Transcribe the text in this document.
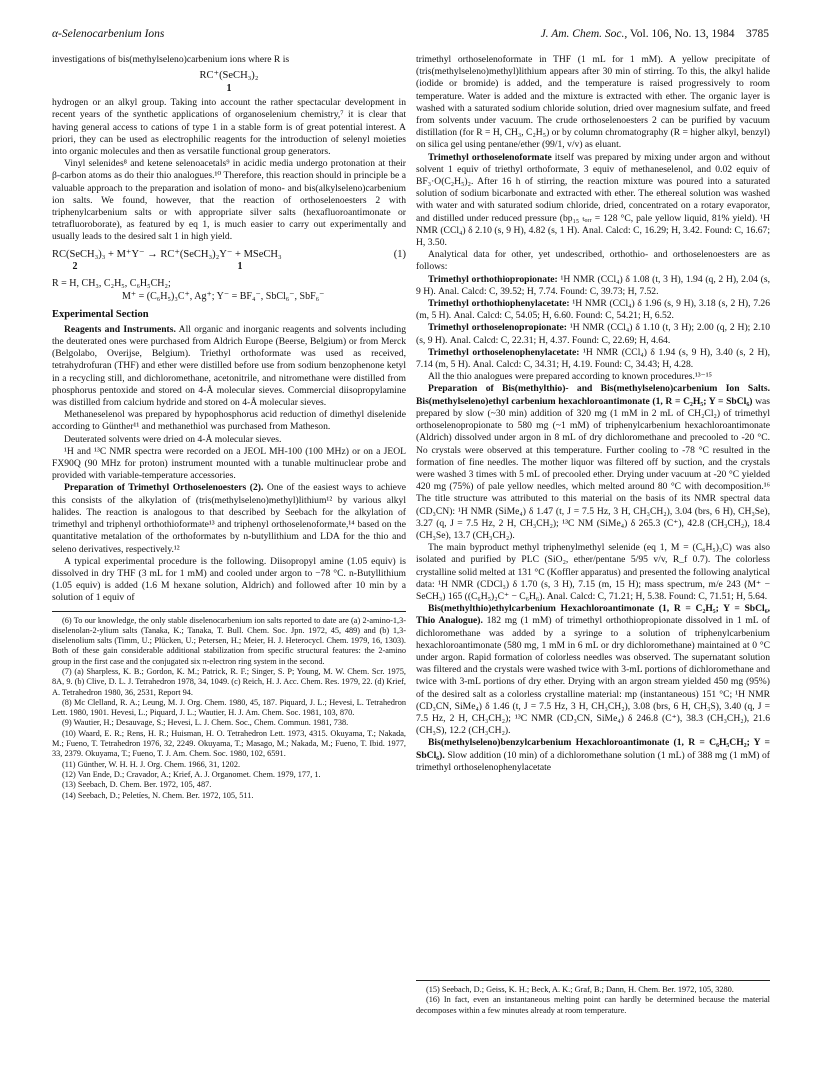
α-Selenocarbenium Ions	J. Am. Chem. Soc., Vol. 106, No. 13, 1984 3785

investigations of bis(methylseleno)carbenium ions where R is

RC⁺(SeCH₃)₂
1

hydrogen or an alkyl group. Taking into account the rather spectacular development in recent years of the synthetic applications of organoselenium chemistry,⁷ it is clear that having general access to cations of type 1 in a stable form is of great potential interest. A priori, they can be used as electrophilic reagents for the introduction of selenyl moieties into organic molecules and then as versatile functional group generators.

Vinyl selenides⁸ and ketene selenoacetals⁹ in acidic media undergo protonation at their β-carbon atoms as do their thio analogues.¹⁰ Therefore, this reaction should in principle be a valuable approach to the preparation and isolation of mono- and bis(alkylseleno)carbenium ion salts. We found, however, that the reaction of orthoselenoesters 2 with triphenylcarbenium salts or with appropriate silver salts (hexafluoroantimonate or tetrafluoroborate), as featured by eq 1, is much easier to carry out experimentally and usually leads to the desired salt 1 in high yield.

RC(SeCH₃)₃ + M⁺Y⁻ → RC⁺(SeCH₃)₂Y⁻ + MSeCH₃	(1)
2	1
R = H, CH₃, C₂H₅, C₆H₅CH₂;
M⁺ = (C₆H₅)₃C⁺, Ag⁺; Y⁻ = BF₄⁻, SbCl₆⁻, SbF₆⁻
Experimental Section

Reagents and Instruments. All organic and inorganic reagents and solvents including the deuterated ones were purchased from Aldrich Europe (Beerse, Belgium) or from Merck (Belgolabo, Overijse, Belgium). Triethyl orthoformate was used as received, tetrahydrofuran (THF) and ether were distilled before use from sodium benzophenone ketyl in a recycling still, and dichloromethane, acetonitrile, and nitromethane were distilled from phosphorus pentoxide and stored on 4-Å molecular sieves. Commercial diisopropylamine was distilled from calcium hydride and stored on 4-Å molecular sieves.

Methaneselenol was prepared by hypophosphorus acid reduction of dimethyl diselenide according to Günther¹¹ and methanethiol was purchased from Matheson.

Deuterated solvents were dried on 4-Å molecular sieves.

¹H and ¹³C NMR spectra were recorded on a JEOL MH-100 (100 MHz) or on a JEOL FX90Q (90 MHz for proton) instrument mounted with a tunable multinuclear probe and provided with variable-temperature accessories.

Preparation of Trimethyl Orthoselenoesters (2). One of the easiest ways to achieve this consists of the alkylation of (tris(methylseleno)methyl)lithium¹² by various alkyl halides. The reaction is analogous to that described by Seebach for the alkylation of trimethyl and triphenyl orthothioformate¹³ and triphenyl orthoselenoformate,¹⁴ based on the quantitative metalation of the orthoformates by n-butyllithium and LDA for the thio and seleno derivatives, respectively.¹²

A typical experimental procedure is the following. Diisopropyl amine (1.05 equiv) is dissolved in dry THF (3 mL for 1 mM) and cooled under argon to −78 °C. n-Butyllithium (1.05 equiv) is added (1.6 M hexane solution, Aldrich) and followed after 10 min by a solution of 1 equiv of

(6) To our knowledge, the only stable diselenocarbenium ion salts reported to date are (a) 2-amino-1,3-diselenolan-2-ylium salts (Tanaka, K.; Tanaka, T. Bull. Chem. Soc. Jpn. 1972, 45, 489) and (b) 1,3-diselenolium salts (Timm, U.; Plücken, U.; Petersen, H.; Meier, H. J. Heterocycl. Chem. 1979, 16, 1303). Both of these gain considerable additional stabilization from specific structural features: the 2-amino group in the first case and the conjugated six π-electron ring system in the second.

(7) (a) Sharpless, K. B.; Gordon, K. M.; Patrick, R. F.; Singer, S. P; Young, M. W. Chem. Scr. 1975, 8A, 9. (b) Clive, D. L. J. Tetrahedron 1978, 34, 1049. (c) Reich, H. J. Acc. Chem. Res. 1979, 22. (d) Krief, A. Tetrahedron 1980, 36, 2531, Report 94.

(8) Mc Clelland, R. A.; Leung, M. J. Org. Chem. 1980, 45, 187. Piquard, J. L.; Hevesi, L. Tetrahedron Lett. 1980, 1901. Hevesi, L.; Piquard, J. L.; Wautier, H. J. Am. Chem. Soc. 1981, 103, 870.

(9) Wautier, H.; Desauvage, S.; Hevesi, L. J. Chem. Soc., Chem. Commun. 1981, 738.

(10) Waard, E. R.; Rens, H. R.; Huisman, H. O. Tetrahedron Lett. 1973, 4315. Okuyama, T.; Nakada, M.; Fueno, T. Tetrahedron 1976, 32, 2249. Okuyama, T.; Masago, M.; Nakada, M.; Fueno, T. Ibid. 1977, 33, 2379. Okuyama, T.; Fueno, T. J. Am. Chem. Soc. 1980, 102, 6591.

(11) Günther, W. H. H. J. Org. Chem. 1966, 31, 1202.

(12) Van Ende, D.; Cravador, A.; Krief, A. J. Organomet. Chem. 1979, 177, 1.

(13) Seebach, D. Chem. Ber. 1972, 105, 487.

(14) Seebach, D.; Peletíes, N. Chem. Ber. 1972, 105, 511.

trimethyl orthoselenoformate in THF (1 mL for 1 mM). A yellow precipitate of (tris(methylseleno)methyl)lithium appears after 30 min of stirring. To this, the alkyl halide (iodide or bromide) is added, and the temperature is raised progressively to room temperature. Water is added and the mixture is extracted with ether. The organic layer is washed with a saturated sodium chloride solution, dried over magnesium sulfate, and freed from solvents under vacuum. The crude orthoselenoesters 2 can be purified by vacuum distillation (for R = H, CH₃, C₂H₅) or by column chromatography (R = higher alkyl, benzyl) on silica gel using pentane/ether (99/1, v/v) as eluant.

Trimethyl orthoselenoformate itself was prepared by mixing under argon and without solvent 1 equiv of triethyl orthoformate, 3 equiv of methaneselenol, and 0.02 equiv of BF₃·O(C₂H₅)₂. After 16 h of stirring, the reaction mixture was poured into a saturated solution of sodium bicarbonate and extracted with ether. The ethereal solution was washed with water and with saturated sodium chloride, dried, concentrated on a rotary evaporator, and distilled under reduced pressure (bp₁₅ ₜₒᵣᵣ = 128 °C, pale yellow liquid, 81% yield). ¹H NMR (CCl₄) δ 2.10 (s, 9 H), 4.82 (s, 1 H). Anal. Calcd: C, 16.29; H, 3.42. Found: C, 16.67; H, 3.50.

Analytical data for other, yet undescribed, orthothio- and orthoselenoesters are as follows:

Trimethyl orthothiopropionate: ¹H NMR (CCl₄) δ 1.08 (t, 3 H), 1.94 (q, 2 H), 2.04 (s, 9 H). Anal. Calcd: C, 39.52; H, 7.74. Found: C, 39.73; H, 7.52.

Trimethyl orthothiophenylacetate: ¹H NMR (CCl₄) δ 1.96 (s, 9 H), 3.18 (s, 2 H), 7.26 (m, 5 H). Anal. Calcd: C, 54.05; H, 6.60. Found: C, 54.21; H, 6.52.

Trimethyl orthoselenopropionate: ¹H NMR (CCl₄) δ 1.10 (t, 3 H); 2.00 (q, 2 H); 2.10 (s, 9 H). Anal. Calcd: C, 22.31; H, 4.37. Found: C, 22.69; H, 4.64.

Trimethyl orthoselenophenylacetate: ¹H NMR (CCl₄) δ 1.94 (s, 9 H), 3.40 (s, 2 H), 7.14 (m, 5 H). Anal. Calcd: C, 34.31; H, 4.19. Found: C, 34.43; H, 4.28.

All the thio analogues were prepared according to known procedures.¹³⁻¹⁵

Preparation of Bis(methylthio)- and Bis(methylseleno)carbenium Ion Salts. Bis(methylseleno)ethyl carbenium hexachloroantimonate (1, R = C₂H₅; Y = SbCl₆) was prepared by slow (~30 min) addition of 320 mg (1 mM in 2 mL of CH₂Cl₂) of trimethyl orthoselenopropionate to 580 mg (~1 mM) of triphenylcarbenium hexachloroantimonate (Aldrich) dissolved under argon in 8 mL of dry dichloromethane and precooled to -20 °C. No crystals were observed at this temperature. Further cooling to -78 °C resulted in the formation of fine needles. The mother liquor was filtered off by suction, and the crystals were washed 3 times with 5 mL of precooled ether. Drying under vacuum at -20 °C yielded 420 mg (75%) of pale yellow needles, which melted around 80 °C with decomposition.¹⁶ The title structure was attributed to this material on the basis of its NMR spectral data (CD₃CN): ¹H NMR (SiMe₄) δ 1.47 (t, J = 7.5 Hz, 3 H, CH₃CH₂), 3.04 (brs, 6 H), CH₃Se), 3.27 (q, J = 7.5 Hz, 2 H, CH₃CH₂); ¹³C NM (SiMe₄) δ 265.3 (C⁺), 42.8 (CH₃CH₂), 18.4 (CH₃Se), 13.7 (CH₃CH₂).

The main byproduct methyl triphenylmethyl selenide (eq 1, M = (C₆H₅)₃C) was also isolated and purified by PLC (SiO₂, ether/pentane 5/95 v/v, R_f 0.7). The colorless crystalline solid melted at 131 °C (Koffler apparatus) and presented the following analytical data: ¹H NMR (CDCl₃) δ 1.70 (s, 3 H), 7.15 (m, 15 H); mass spectrum, m/e 243 (M⁺ − SeCH₃) 165 ((C₆H₅)₂C⁺ − C₆H₆). Anal. Calcd: C, 71.21; H, 5.38. Found: C, 71.51; H, 5.64.

Bis(methylthio)ethylcarbenium Hexachloroantimonate (1, R = C₂H₅; Y = SbCl₆, Thio Analogue). 182 mg (1 mM) of trimethyl orthothiopropionate dissolved in 1 mL of dichloromethane was added by a syringe to a solution of triphenylcarbenium hexachloroantimonate (580 mg, 1 mM in 6 mL or dry dichloromethane) maintained at 0 °C under argon. Rapid formation of colorless needles was observed. The supernatant solution was filtered and the crystals were washed twice with 3-mL portions of dichloromethane and twice with 3-mL portions of dry ether. Drying with an argon stream yielded 450 mg (95%) of the desired salt as a colorless crystalline material: mp (instantaneous) 151 °C; ¹H NMR (CD₃CN, SiMe₄) δ 1.46 (t, J = 7.5 Hz, 3 H, CH₃CH₂), 3.08 (brs, 6 H, CH₃S), 3.40 (q, J = 7.5 Hz, 2 H, CH₃CH₂); ¹³C NMR (CD₃CN, SiMe₄) δ 246.8 (C⁺), 38.3 (CH₃CH₂), 21.6 (CH₃S), 12.2 (CH₃CH₂).

Bis(methylseleno)benzylcarbenium Hexachloroantimonate (1, R = C₆H₅CH₂; Y = SbCl₆). Slow addition (10 min) of a dichloromethane solution (1 mL) of 388 mg (1 mM) of trimethyl orthoselenophenylacetate

(15) Seebach, D.; Geiss, K. H.; Beck, A. K.; Graf, B.; Dann, H. Chem. Ber. 1972, 105, 3280.

(16) In fact, even an instantaneous melting point can hardly be determined because the material decomposes within a few minutes already at room temperature.
